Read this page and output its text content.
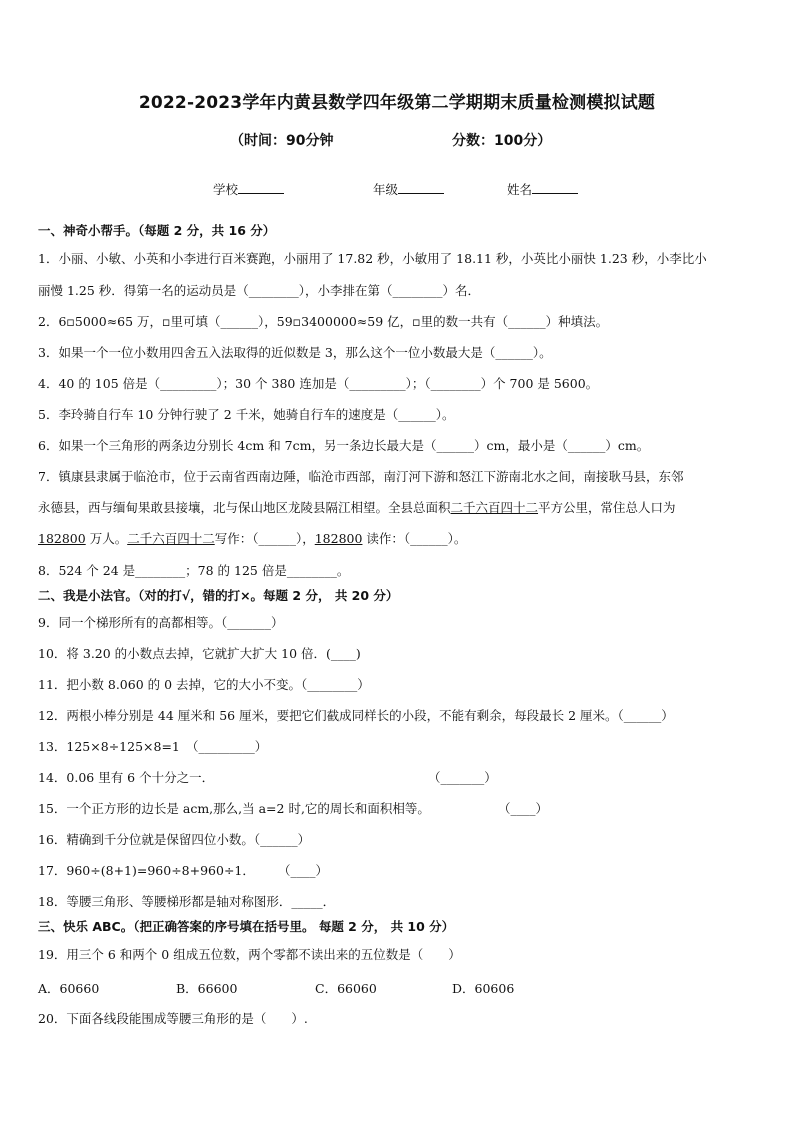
2022-2023学年内黄县数学四年级第二学期期末质量检测模拟试题
（时间：90分钟	分数：100分）
学校	年级	姓名
一、神奇小帮手。（每题 2 分，共 16 分）
1．小丽、小敏、小英和小李进行百米赛跑，小丽用了 17.82 秒，小敏用了 18.11 秒，小英比小丽快 1.23 秒，小李比小
丽慢 1.25 秒．得第一名的运动员是（________），小李排在第（________）名．
2．6▫5000≈65 万，▫里可填（______），59▫3400000≈59 亿，▫里的数一共有（______）种填法。
3．如果一个一位小数用四舍五入法取得的近似数是 3，那么这个一位小数最大是（______）。
4．40 的 105 倍是（_________）；30 个 380 连加是（_________）；（________）个 700 是 5600。
5．李玲骑自行车 10 分钟行驶了 2 千米，她骑自行车的速度是（______）。
6．如果一个三角形的两条边分别长 4cm 和 7cm，另一条边长最大是（______）cm，最小是（______）cm。
7．镇康县隶属于临沧市，位于云南省西南边陲，临沧市西部，南汀河下游和怒江下游南北水之间，南接耿马县，东邻
永德县，西与缅甸果敢县接壤，北与保山地区龙陵县隔江相望。全县总面积二千六百四十二平方公里，常住总人口为
182800 万人。二千六百四十二写作：（______），182800 读作：（______）。
8．524 个 24 是________；78 的 125 倍是________。
二、我是小法官。（对的打√，错的打×。每题 2 分， 共 20 分）
9．同一个梯形所有的高都相等。（_______）
10．将 3.20 的小数点去掉，它就扩大扩大 10 倍．(____)
11．把小数 8.060 的 0 去掉，它的大小不变。（________）
12．两根小棒分别是 44 厘米和 56 厘米，要把它们截成同样长的小段，不能有剩余，每段最长 2 厘米。（______）
13．125×8÷125×8=1 （_________）
14．0.06 里有 6 个十分之一．	（_______）
15．一个正方形的边长是 acm,那么,当 a=2 时,它的周长和面积相等。	（____）
16．精确到千分位就是保留四位小数。（______）
17．960÷(8+1)=960÷8+960÷1． （____）
18．等腰三角形、等腰梯形都是轴对称图形．_____．
三、快乐 ABC。（把正确答案的序号填在括号里。 每题 2 分， 共 10 分）
19．用三个 6 和两个 0 组成五位数，两个零都不读出来的五位数是（　　）
A．60660	B．66600	C．66060	D．60606
20．下面各线段能围成等腰三角形的是（　　）.
